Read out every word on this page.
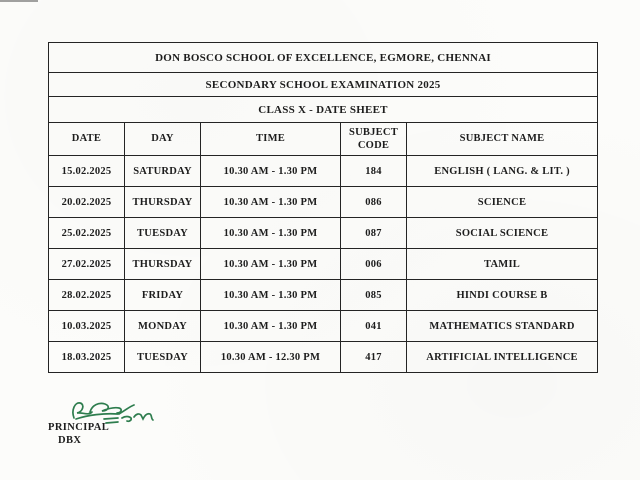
DON BOSCO SCHOOL OF EXCELLENCE, EGMORE, CHENNAI				
SECONDARY SCHOOL EXAMINATION 2025				
CLASS X - DATE SHEET				
DATE	DAY	TIME	SUBJECT CODE	SUBJECT NAME
15.02.2025	SATURDAY	10.30 AM - 1.30 PM	184	ENGLISH ( LANG. & LIT. )
20.02.2025	THURSDAY	10.30 AM - 1.30 PM	086	SCIENCE
25.02.2025	TUESDAY	10.30 AM - 1.30 PM	087	SOCIAL SCIENCE
27.02.2025	THURSDAY	10.30 AM - 1.30 PM	006	TAMIL
28.02.2025	FRIDAY	10.30 AM - 1.30 PM	085	HINDI COURSE B
10.03.2025	MONDAY	10.30 AM - 1.30 PM	041	MATHEMATICS STANDARD
18.03.2025	TUESDAY	10.30 AM - 12.30 PM	417	ARTIFICIAL INTELLIGENCE
PRINCIPAL
DBX
